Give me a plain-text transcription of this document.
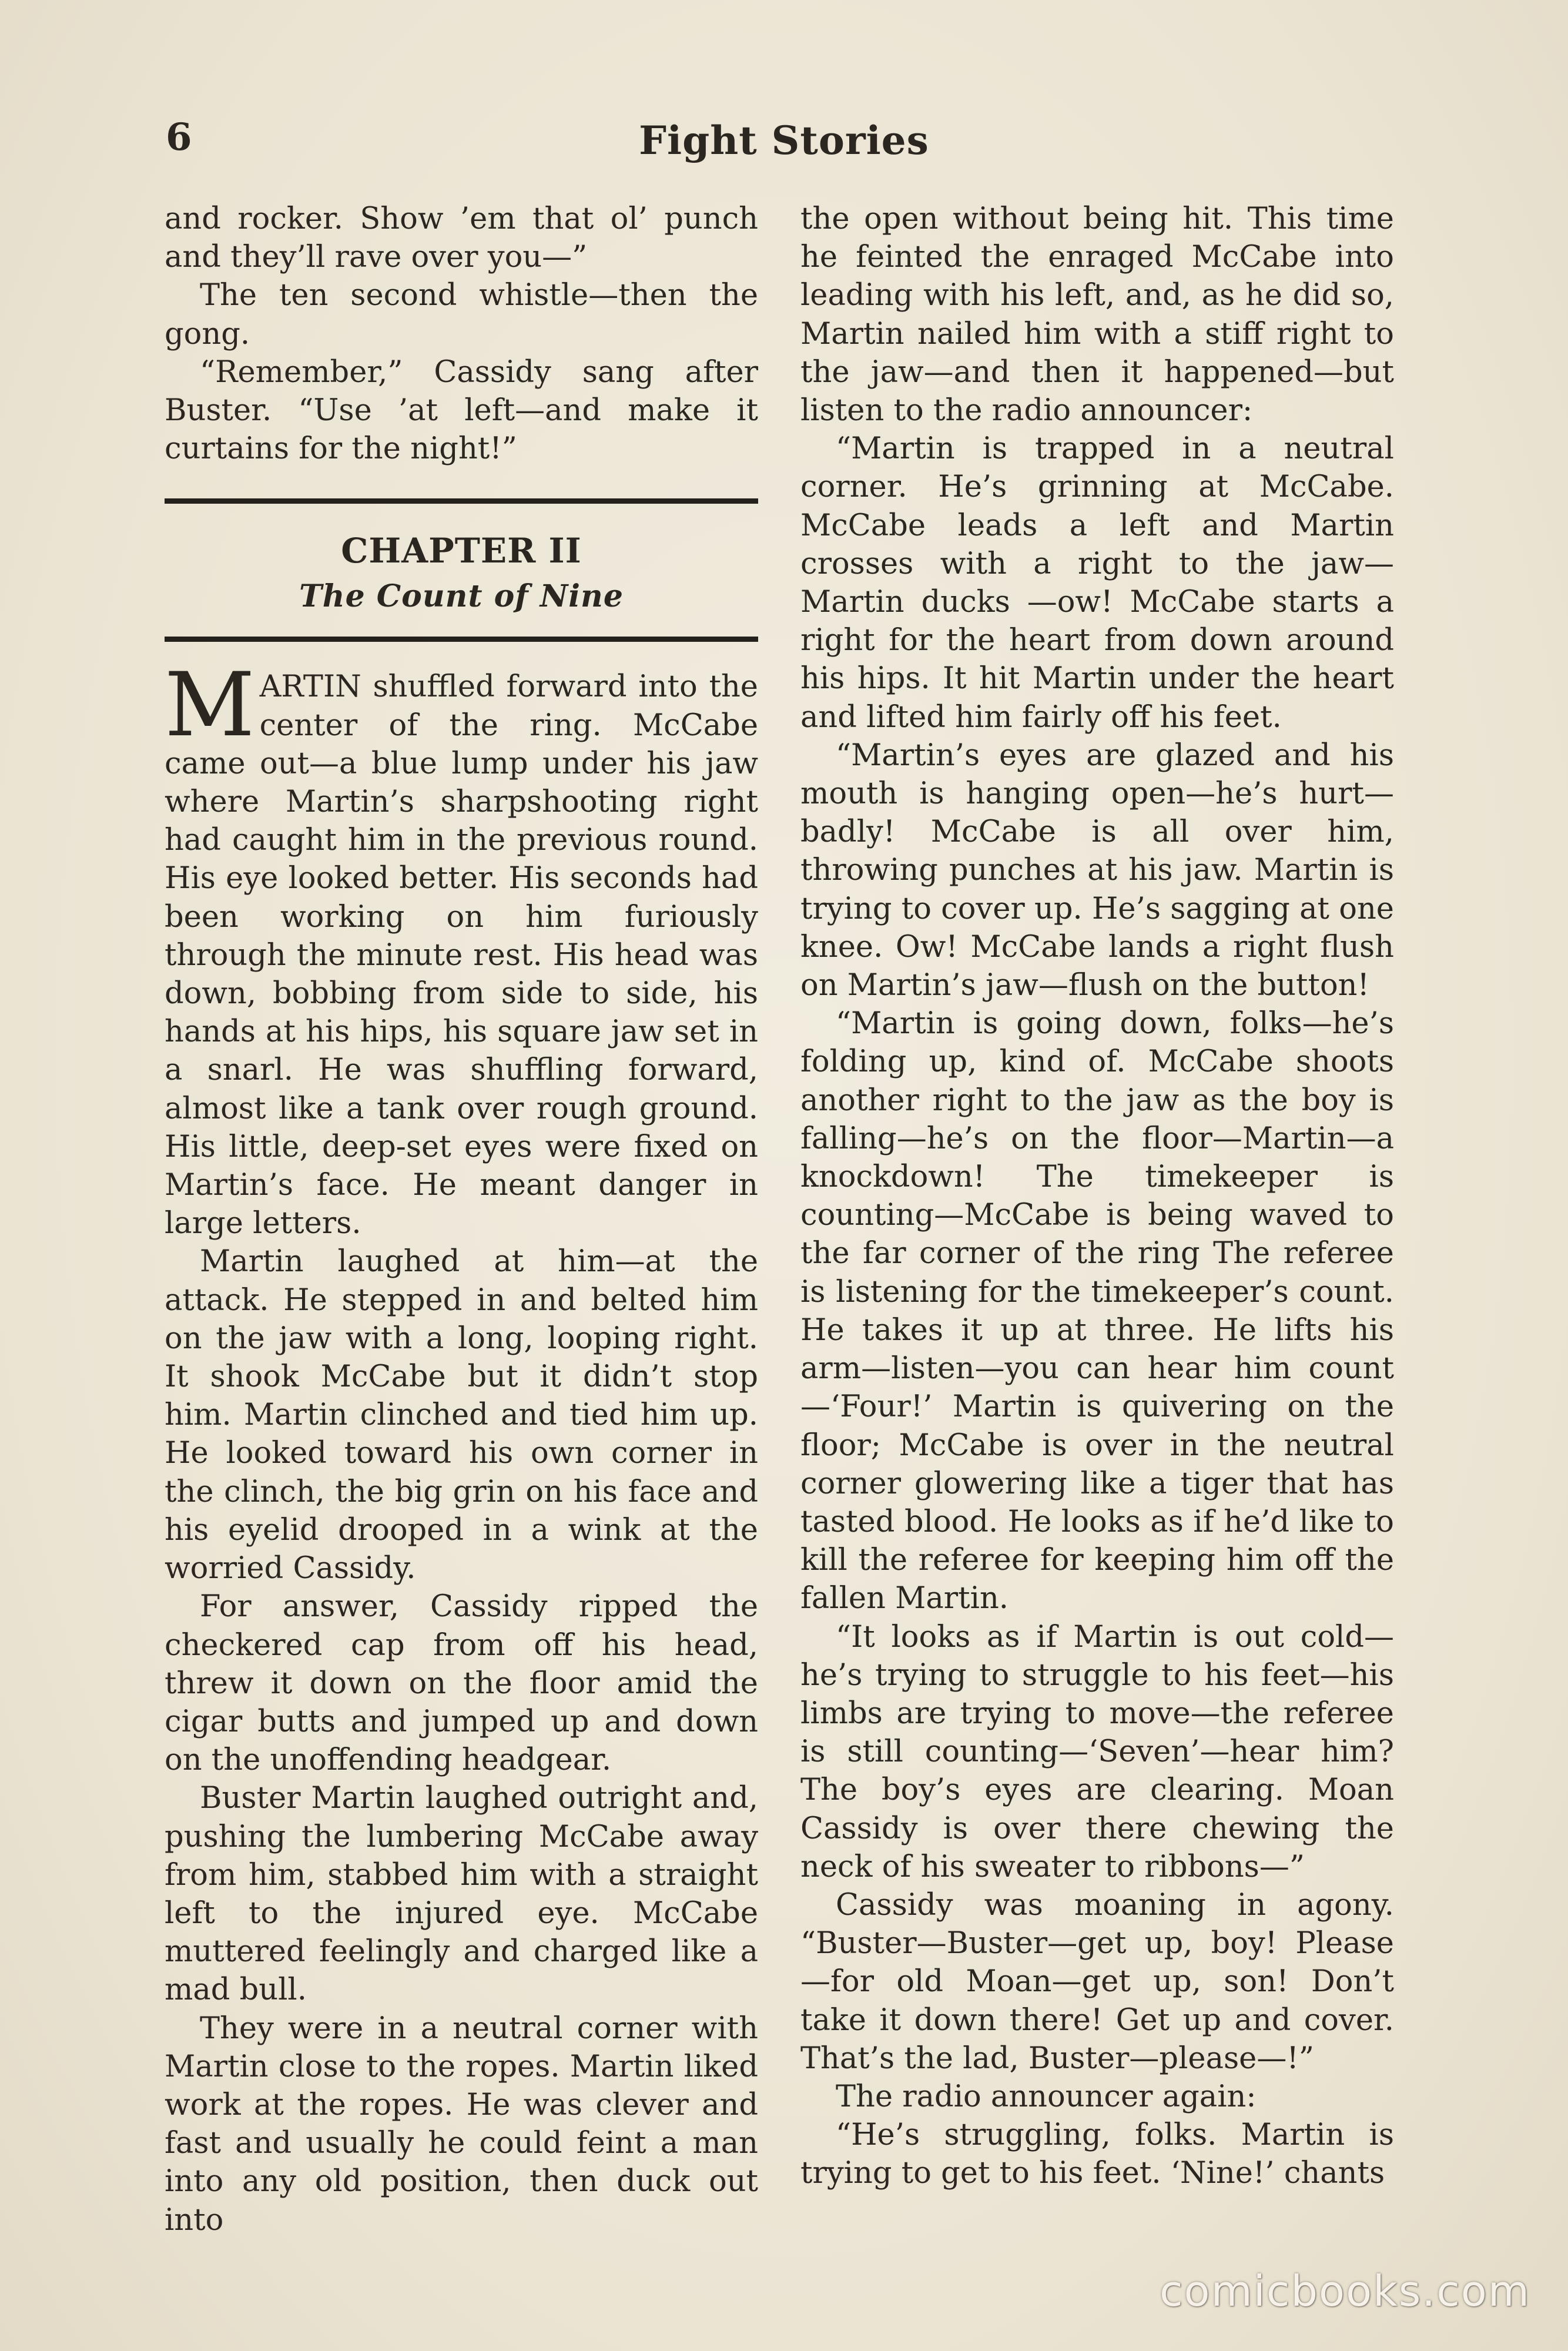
6	Fight Stories

and rocker. Show ’em that ol’ punch and they’ll rave over you—”

The ten second whistle—then the gong.

“Remember,” Cassidy sang after Buster. “Use ’at left—and make it curtains for the night!”

CHAPTER II
The Count of Nine
M ARTIN shuffled forward into the center of the ring. McCabe came out—a blue lump under his jaw where Martin’s sharpshooting right had caught him in the previous round. His eye looked better. His seconds had been working on him furiously through the minute rest. His head was down, bobbing from side to side, his hands at his hips, his square jaw set in a snarl. He was shuffling forward, almost like a tank over rough ground. His little, deep-set eyes were fixed on Martin’s face. He meant danger in large letters.

Martin laughed at him—at the attack. He stepped in and belted him on the jaw with a long, looping right. It shook McCabe but it didn’t stop him. Martin clinched and tied him up. He looked toward his own corner in the clinch, the big grin on his face and his eyelid drooped in a wink at the worried Cassidy.

For answer, Cassidy ripped the checkered cap from off his head, threw it down on the floor amid the cigar butts and jumped up and down on the unoffending headgear.

Buster Martin laughed outright and, pushing the lumbering McCabe away from him, stabbed him with a straight left to the injured eye. McCabe muttered feelingly and charged like a mad bull.

They were in a neutral corner with Martin close to the ropes. Martin liked work at the ropes. He was clever and fast and usually he could feint a man into any old position, then duck out into

the open without being hit. This time he feinted the enraged McCabe into leading with his left, and, as he did so, Martin nailed him with a stiff right to the jaw—and then it happened—but listen to the radio announcer:

“Martin is trapped in a neutral corner. He’s grinning at McCabe. McCabe leads a left and Martin crosses with a right to the jaw—Martin ducks —ow! McCabe starts a right for the heart from down around his hips. It hit Martin under the heart and lifted him fairly off his feet.

“Martin’s eyes are glazed and his mouth is hanging open—he’s hurt—badly! McCabe is all over him, throwing punches at his jaw. Martin is trying to cover up. He’s sagging at one knee. Ow! McCabe lands a right flush on Martin’s jaw—flush on the button!

“Martin is going down, folks—he’s folding up, kind of. McCabe shoots another right to the jaw as the boy is falling—he’s on the floor—Martin—a knockdown! The timekeeper is counting—McCabe is being waved to the far corner of the ring The referee is listening for the timekeeper’s count. He takes it up at three. He lifts his arm—listen—you can hear him count—‘Four!’ Martin is quivering on the floor; McCabe is over in the neutral corner glowering like a tiger that has tasted blood. He looks as if he’d like to kill the referee for keeping him off the fallen Martin.

“It looks as if Martin is out cold—he’s trying to struggle to his feet—his limbs are trying to move—the referee is still counting—‘Seven’—hear him? The boy’s eyes are clearing. Moan Cassidy is over there chewing the neck of his sweater to ribbons—”

Cassidy was moaning in agony. “Buster—Buster—get up, boy! Please —for old Moan—get up, son! Don’t take it down there! Get up and cover. That’s the lad, Buster—please—!”

The radio announcer again:

“He’s struggling, folks. Martin is trying to get to his feet. ‘Nine!’ chants

comicbooks.com
